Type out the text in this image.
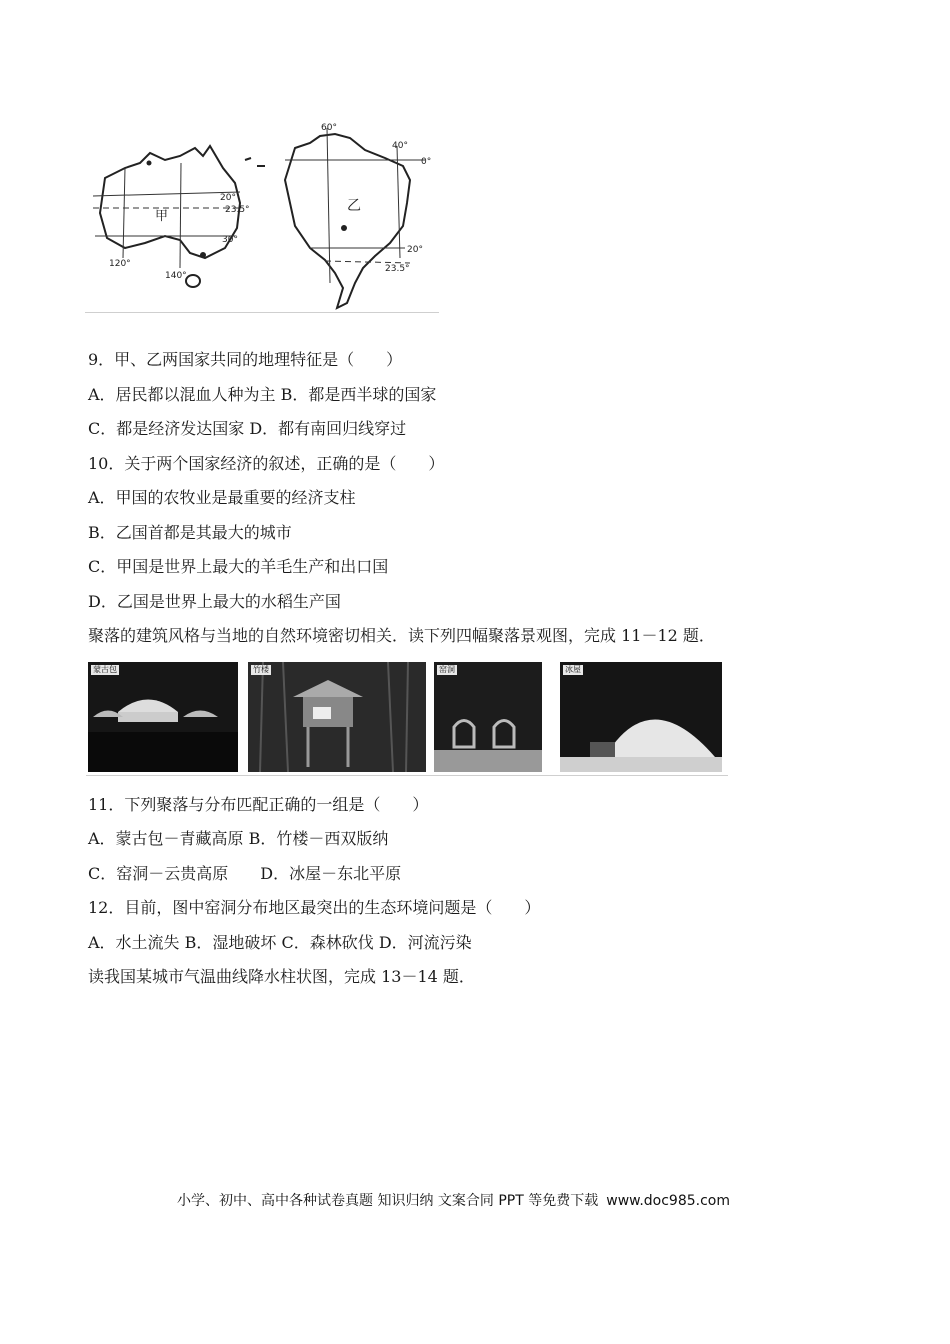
甲
20°
23.5°
30°
120°
140°
乙
60°
40°
0°
20°
23.5°
9．甲、乙两国家共同的地理特征是（　　）
A．居民都以混血人种为主 B．都是西半球的国家
C．都是经济发达国家 D．都有南回归线穿过
10．关于两个国家经济的叙述，正确的是（　　）
A．甲国的农牧业是最重要的经济支柱
B．乙国首都是其最大的城市
C．甲国是世界上最大的羊毛生产和出口国
D．乙国是世界上最大的水稻生产国
聚落的建筑风格与当地的自然环境密切相关．读下列四幅聚落景观图，完成 11－12 题．
蒙古包	竹楼	窑洞	冰屋
11．下列聚落与分布匹配正确的一组是（　　）
A．蒙古包－青藏高原 B．竹楼－西双版纳
C．窑洞－云贵高原　　D．冰屋－东北平原
12．目前，图中窑洞分布地区最突出的生态环境问题是（　　）
A．水土流失 B．湿地破坏 C．森林砍伐 D．河流污染
读我国某城市气温曲线降水柱状图，完成 13－14 题．
小学、初中、高中各种试卷真题 知识归纳 文案合同 PPT 等免费下载 www.doc985.com
